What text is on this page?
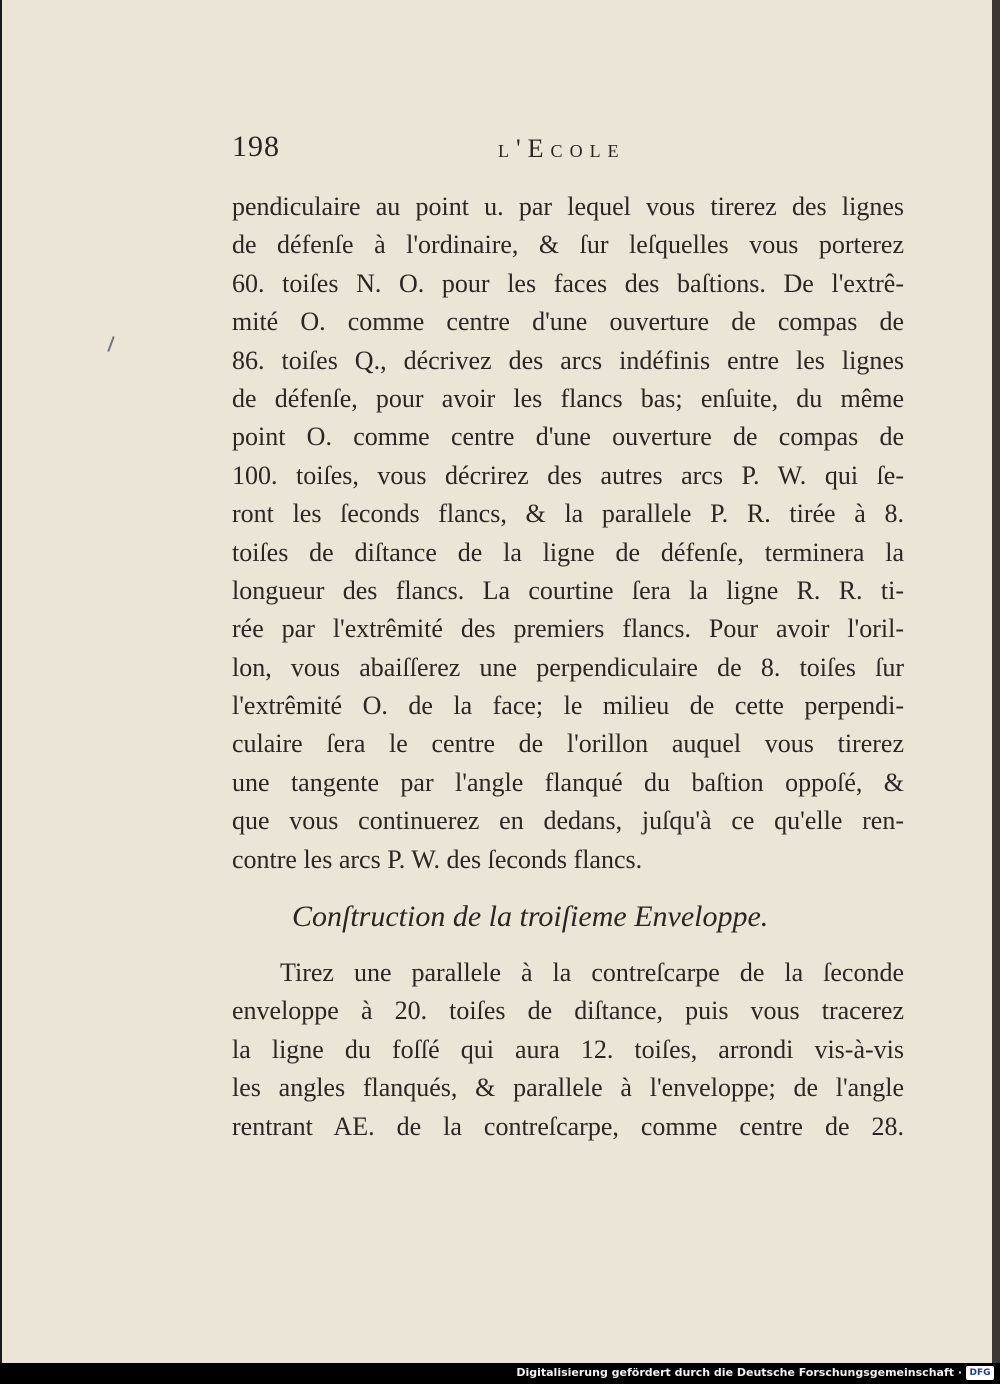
198	l'Ecole
pendiculaire au point u. par lequel vous tirerez des lignes
de défenſe à l'ordinaire, & ſur leſquelles vous porterez
60. toiſes N. O. pour les faces des baſtions. De l'extrê-
mité O. comme centre d'une ouverture de compas de
86. toiſes Q., décrivez des arcs indéfinis entre les lignes
de défenſe, pour avoir les flancs bas; enſuite, du même
point O. comme centre d'une ouverture de compas de
100. toiſes, vous décrirez des autres arcs P. W. qui ſe-
ront les ſeconds flancs, & la parallele P. R. tirée à 8.
toiſes de diſtance de la ligne de défenſe, terminera la
longueur des flancs. La courtine ſera la ligne R. R. ti-
rée par l'extrêmité des premiers flancs. Pour avoir l'oril-
lon, vous abaiſſerez une perpendiculaire de 8. toiſes ſur
l'extrêmité O. de la face; le milieu de cette perpendi-
culaire ſera le centre de l'orillon auquel vous tirerez
une tangente par l'angle flanqué du baſtion oppoſé, &
que vous continuerez en dedans, juſqu'à ce qu'elle ren-
contre les arcs P. W. des ſeconds flancs.
Conſtruction de la troiſieme Enveloppe.
Tirez une parallele à la contreſcarpe de la ſeconde
enveloppe à 20. toiſes de diſtance, puis vous tracerez
la ligne du foſſé qui aura 12. toiſes, arrondi vis-à-vis
les angles flanqués, & parallele à l'enveloppe; de l'angle
rentrant AE. de la contreſcarpe, comme centre de 28.
Digitalisierung gefördert durch die Deutsche Forschungsgemeinschaft · DFG
